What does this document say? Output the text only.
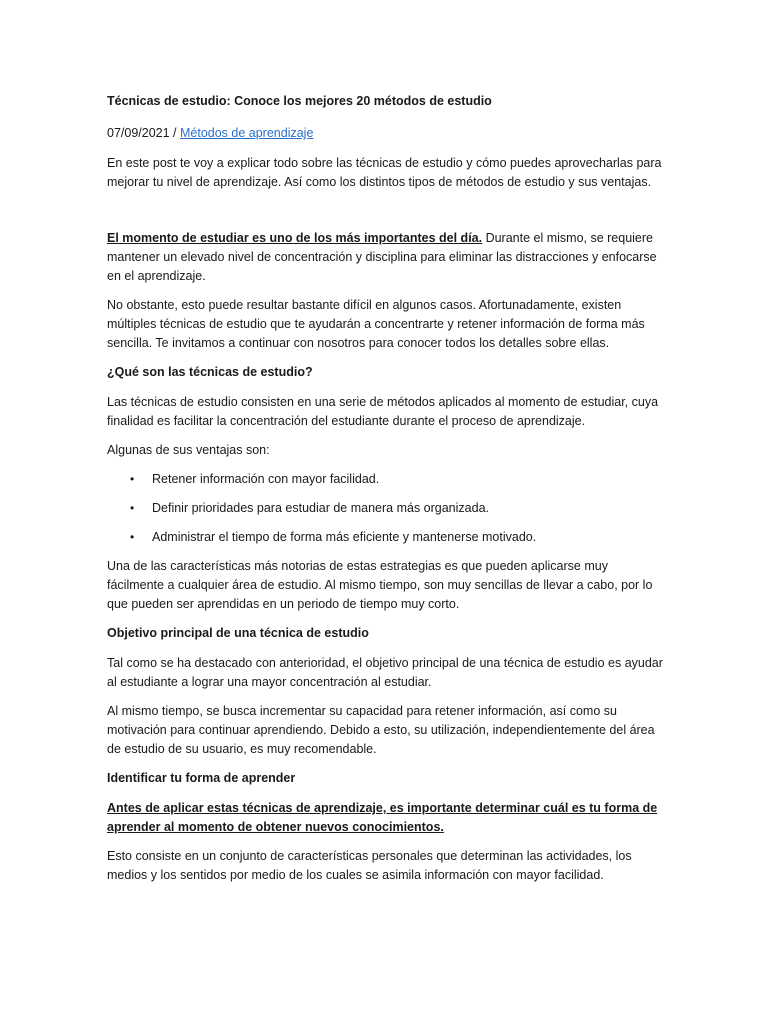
Técnicas de estudio: Conoce los mejores 20 métodos de estudio

07/09/2021 / Métodos de aprendizaje

En este post te voy a explicar todo sobre las técnicas de estudio y cómo puedes aprovecharlas para mejorar tu nivel de aprendizaje. Así como los distintos tipos de métodos de estudio y sus ventajas.

El momento de estudiar es uno de los más importantes del día. Durante el mismo, se requiere mantener un elevado nivel de concentración y disciplina para eliminar las distracciones y enfocarse en el aprendizaje.

No obstante, esto puede resultar bastante difícil en algunos casos. Afortunadamente, existen múltiples técnicas de estudio que te ayudarán a concentrarte y retener información de forma más sencilla. Te invitamos a continuar con nosotros para conocer todos los detalles sobre ellas.

¿Qué son las técnicas de estudio?

Las técnicas de estudio consisten en una serie de métodos aplicados al momento de estudiar, cuya finalidad es facilitar la concentración del estudiante durante el proceso de aprendizaje.

Algunas de sus ventajas son:

• Retener información con mayor facilidad.
• Definir prioridades para estudiar de manera más organizada.
• Administrar el tiempo de forma más eficiente y mantenerse motivado.

Una de las características más notorias de estas estrategias es que pueden aplicarse muy fácilmente a cualquier área de estudio. Al mismo tiempo, son muy sencillas de llevar a cabo, por lo que pueden ser aprendidas en un periodo de tiempo muy corto.

Objetivo principal de una técnica de estudio

Tal como se ha destacado con anterioridad, el objetivo principal de una técnica de estudio es ayudar al estudiante a lograr una mayor concentración al estudiar.

Al mismo tiempo, se busca incrementar su capacidad para retener información, así como su motivación para continuar aprendiendo. Debido a esto, su utilización, independientemente del área de estudio de su usuario, es muy recomendable.

Identificar tu forma de aprender

Antes de aplicar estas técnicas de aprendizaje, es importante determinar cuál es tu forma de aprender al momento de obtener nuevos conocimientos.

Esto consiste en un conjunto de características personales que determinan las actividades, los medios y los sentidos por medio de los cuales se asimila información con mayor facilidad.
